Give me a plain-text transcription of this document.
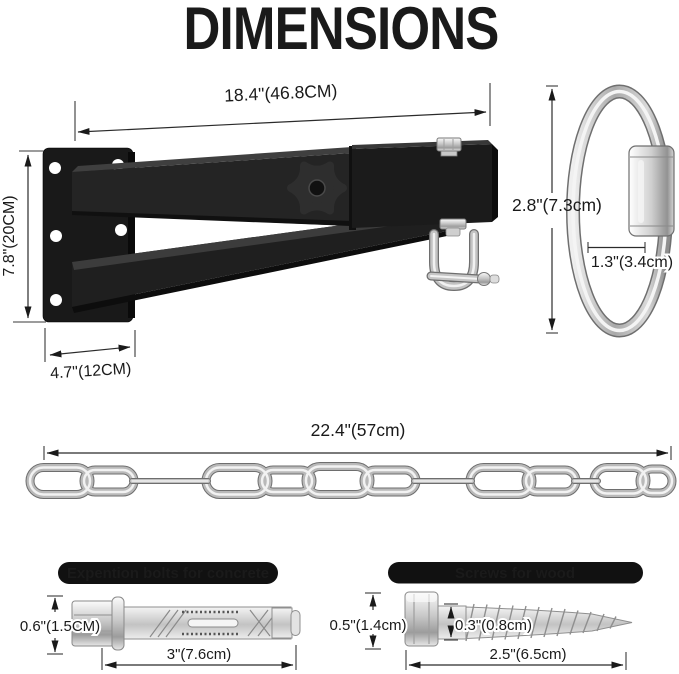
DIMENSIONS
18.4"(46.8CM)
7.8"(20CM)
4.7"(12CM)
2.8"(7.3cm)
1.3"(3.4cm)
22.4"(57cm)
Expention bolts for concrete
0.6"(1.5CM)
3"(7.6cm)
Screws for wood
0.5"(1.4cm)	0.3"(0.8cm)
2.5"(6.5cm)
